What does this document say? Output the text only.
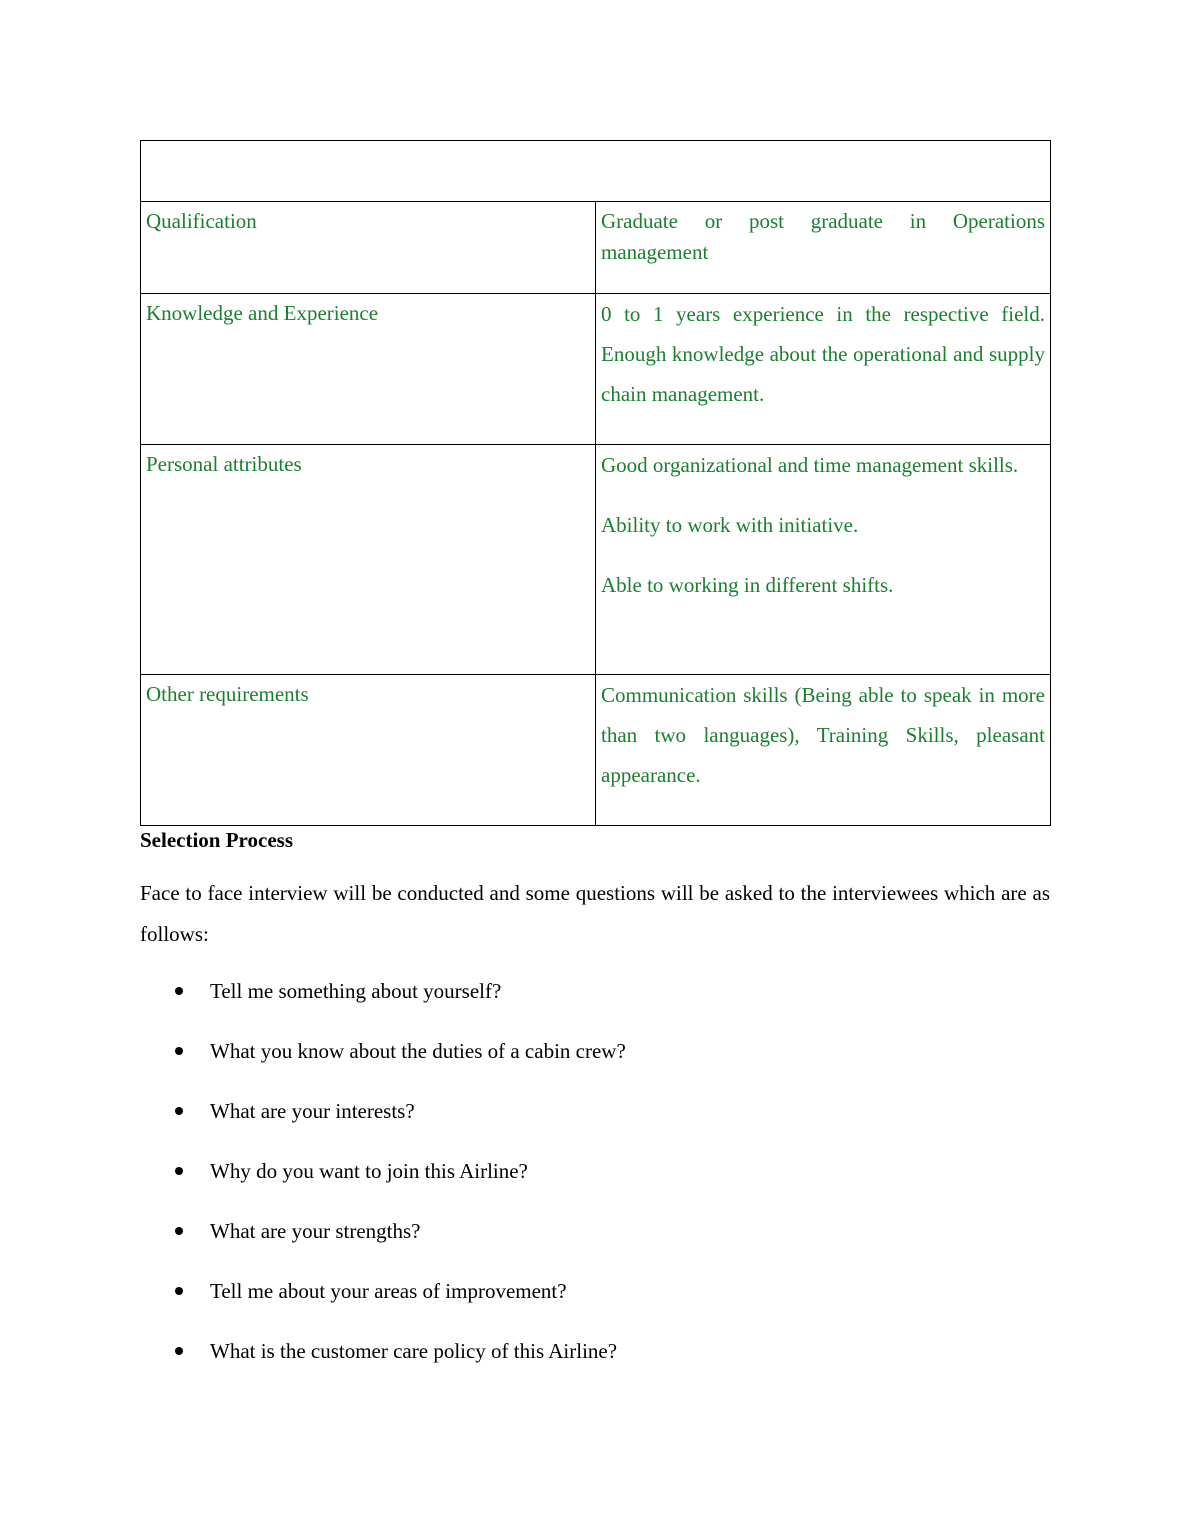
Qualification	Graduate or post graduate in Operations management

Knowledge and Experience	0 to 1 years experience in the respective field. Enough knowledge about the operational and supply chain management.

Personal attributes	Good organizational and time management skills.

Ability to work with initiative.

Able to working in different shifts.

Other requirements	Communication skills (Being able to speak in more than two languages), Training Skills, pleasant appearance.

Selection Process

Face to face interview will be conducted and some questions will be asked to the interviewees which are as follows:

Tell me something about yourself?
What you know about the duties of a cabin crew?
What are your interests?
Why do you want to join this Airline?
What are your strengths?
Tell me about your areas of improvement?
What is the customer care policy of this Airline?
